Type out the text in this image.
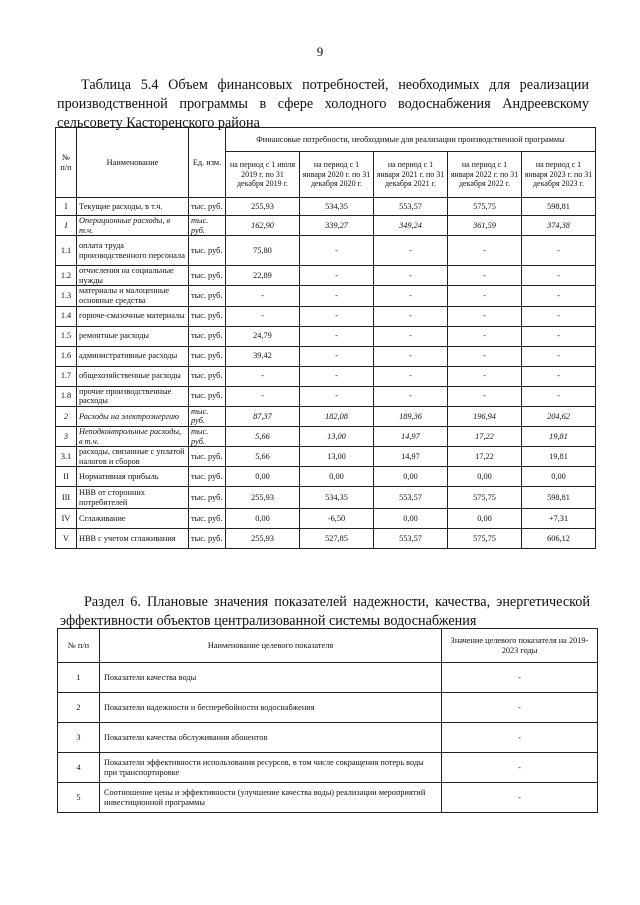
9
Таблица 5.4 Объем финансовых потребностей, необходимых для реализации производственной программы в сфере холодного водоснабжения Андреевскому сельсовету Касторенского района
№ п/п	Наименование	Ед. изм.	Финансовые потребности, необходимые для реализации производственной программы				
			на период с 1 июля 2019 г. по 31 декабря 2019 г.	на период с 1 января 2020 г. по 31 декабря 2020 г.	на период с 1 января 2021 г. по 31 декабря 2021 г.	на период с 1 января 2022 г. по 31 декабря 2022 г.	на период с 1 января 2023 г. по 31 декабря 2023 г.
I	Текущие расходы, в т.ч.	тыс. руб.	255,93	534,35	553,57	575,75	598,81
I	Операционные расходы, в т.ч.	тыс. руб.	162,90	339,27	349,24	361,59	374,38
1.1	оплата труда производственного персонала	тыс. руб.	75,80	-	-	-	-
1.2	отчисления на социальные нужды	тыс. руб.	22,89	-	-	-	-
1.3	материалы и малоценные основные средства	тыс. руб.	-	-	-	-	-
1.4	горюче-смазочные материалы	тыс. руб.	-	-	-	-	-
1.5	ремонтные расходы	тыс. руб.	24,79	-	-	-	-
1.6	административные расходы	тыс. руб.	39,42	-	-	-	-
1.7	общехозяйственные расходы	тыс. руб.	-	-	-	-	-
1.8	прочие производственные расходы	тыс. руб.	-	-	-	-	-
2	Расходы на электроэнергию	тыс. руб.	87,37	182,08	189,36	196,94	204,62
3	Неподконтрольные расходы, в т.ч.	тыс. руб.	5,66	13,00	14,97	17,22	19,81
3.1	расходы, связанные с уплатой налогов и сборов	тыс. руб.	5,66	13,00	14,97	17,22	19,81
II	Нормативная прибыль	тыс. руб.	0,00	0,00	0,00	0,00	0,00
III	НВВ от сторонних потребителей	тыс. руб.	255,93	534,35	553,57	575,75	598,81
IV	Сглаживание	тыс. руб.	0,00	-6,50	0,00	0,00	+7,31
V	НВВ с учетом сглаживания	тыс. руб.	255,93	527,85	553,57	575,75	606,12
Раздел 6. Плановые значения показателей надежности, качества, энергетической эффективности объектов централизованной системы водоснабжения
№ п/п	Наименование целевого показателя	Значение целевого показателя на 2019-2023 годы
1	Показатели качества воды	-
2	Показатели надежности и бесперебойности водоснабжения	-
3	Показатели качества обслуживания абонентов	-
4	Показатели эффективности использования ресурсов, в том числе сокращения потерь воды при транспортировке	-
5	Соотношение цены и эффективности (улучшение качества воды) реализации мероприятий инвестиционной программы	-
